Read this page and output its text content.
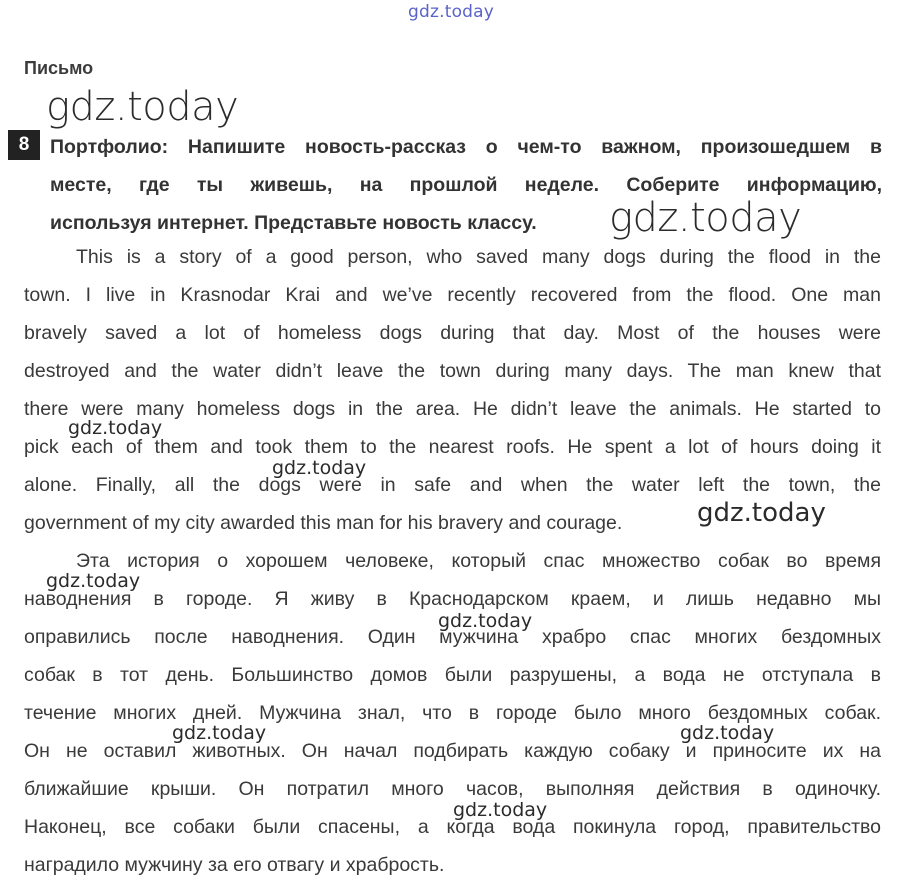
gdz.today
Письмо
gdz.today
8	Портфолио: Напишите новость-рассказ о чем-то важном, произошедшем в
месте, где ты живешь, на прошлой неделе. Соберите информацию,
используя интернет. Представьте новость классу.	gdz.today
This is a story of a good person, who saved many dogs during the flood in the
town. I live in Krasnodar Krai and we’ve recently recovered from the flood. One man
bravely saved a lot of homeless dogs during that day. Most of the houses were
destroyed and the water didn’t leave the town during many days. The man knew that
there were many homeless dogs in the area. He didn’t leave the animals. He started to
pick each of them and took them to the nearest roofs. He spent a lot of hours doing it
alone. Finally, all the dogs were in safe and when the water left the town, the
government of my city awarded this man for his bravery and courage.
Эта история о хорошем человеке, который спас множество собак во время
наводнения в городе. Я живу в Краснодарском краем, и лишь недавно мы
оправились после наводнения. Один мужчина храбро спас многих бездомных
собак в тот день. Большинство домов были разрушены, а вода не отступала в
течение многих дней. Мужчина знал, что в городе было много бездомных собак.
Он не оставил животных. Он начал подбирать каждую собаку и приносите их на
ближайшие крыши. Он потратил много часов, выполняя действия в одиночку.
Наконец, все собаки были спасены, а когда вода покинула город, правительство
наградило мужчину за его отвагу и храбрость.
gdz.today
gdz.today
gdz.today
gdz.today
gdz.today
gdz.today	gdz.today
gdz.today
